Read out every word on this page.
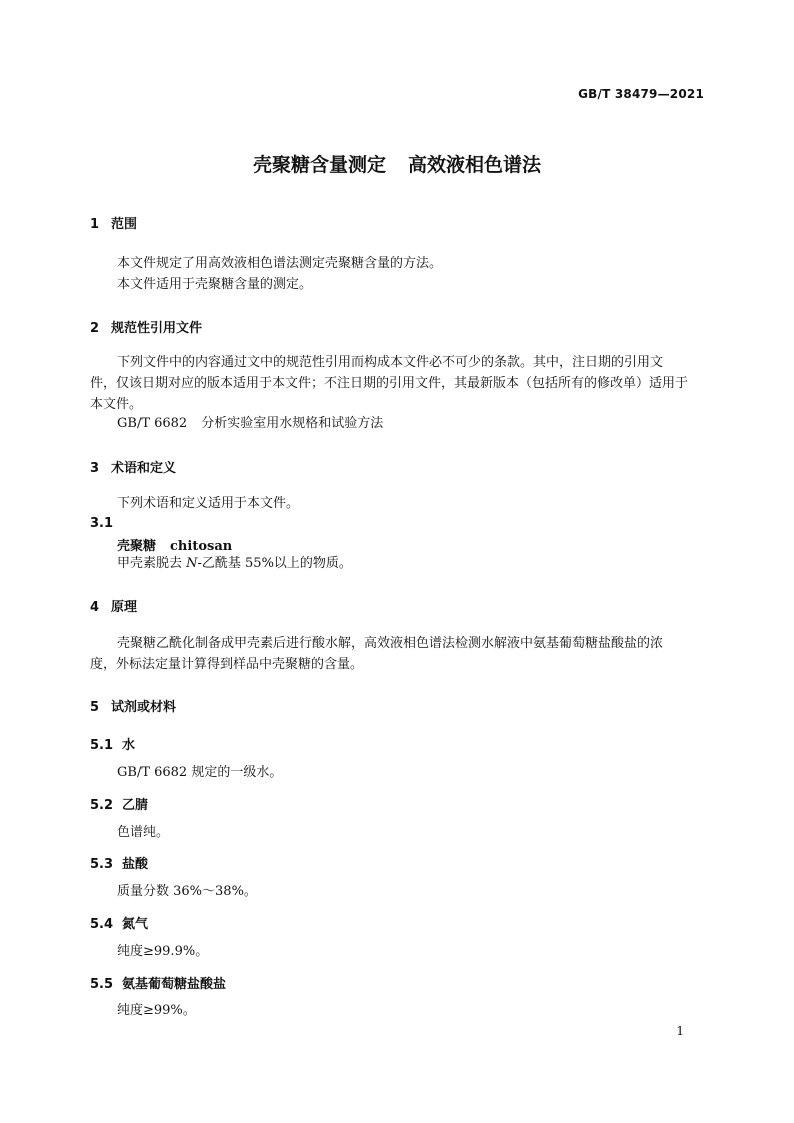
GB/T 38479—2021
壳聚糖含量测定 高效液相色谱法
1 范围
本文件规定了用高效液相色谱法测定壳聚糖含量的方法。
本文件适用于壳聚糖含量的测定。
2 规范性引用文件
下列文件中的内容通过文中的规范性引用而构成本文件必不可少的条款。其中，注日期的引用文
件，仅该日期对应的版本适用于本文件；不注日期的引用文件，其最新版本（包括所有的修改单）适用于
本文件。
GB/T 6682 分析实验室用水规格和试验方法
3 术语和定义
下列术语和定义适用于本文件。
3.1
壳聚糖 chitosan
甲壳素脱去 N-乙酰基 55%以上的物质。
4 原理
壳聚糖乙酰化制备成甲壳素后进行酸水解，高效液相色谱法检测水解液中氨基葡萄糖盐酸盐的浓
度，外标法定量计算得到样品中壳聚糖的含量。
5 试剂或材料
5.1 水
GB/T 6682 规定的一级水。
5.2 乙腈
色谱纯。
5.3 盐酸
质量分数 36%～38%。
5.4 氮气
纯度≥99.9%。
5.5 氨基葡萄糖盐酸盐
纯度≥99%。
1
